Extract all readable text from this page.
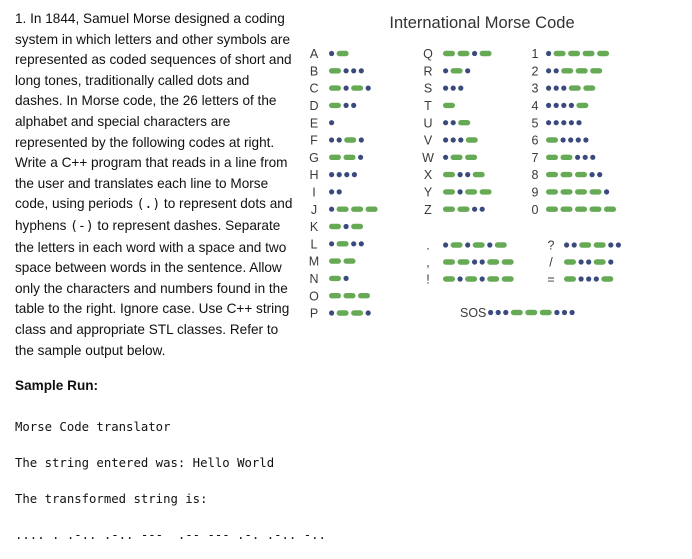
1. In 1844, Samuel Morse designed a coding system in which letters and other symbols are represented as coded sequences of short and long tones, traditionally called dots and dashes. In Morse code, the 26 letters of the alphabet and special characters are represented by the following codes at right. Write a C++ program that reads in a line from the user and translates each line to Morse code, using periods (.) to represent dots and hyphens (-) to represent dashes. Separate the letters in each word with a space and two space between words in the sentence. Allow only the characters and numbers found in the table to the right. Ignore case. Use C++ string class and appropriate STL classes. Refer to the sample output below.
International Morse Code
A
B
C
D
E
F
G
H
I
J
K
L
M
N
O
P
Q
R
S
T
U
V
W
X
Y
Z
1
2
3
4
5
6
7
8
9
0
.
,
!
?
/
=
SOS
Sample Run:
Morse Code translator
The string entered was: Hello World
The transformed string is:
.... . .-.. .-.. ---  .-- --- .-. .-.. -..
